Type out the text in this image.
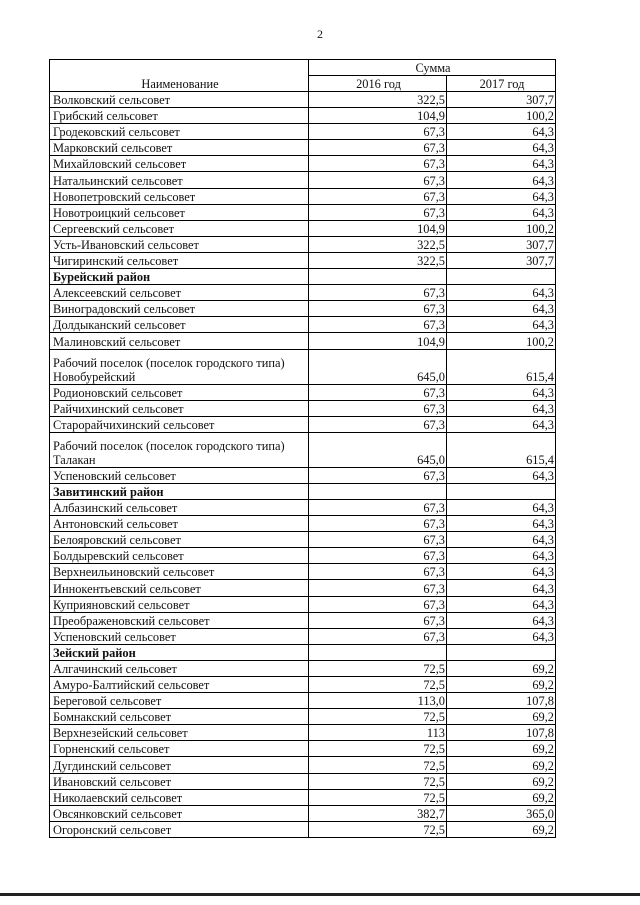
2
Наименование	Сумма	
	2016 год	2017 год
Волковский сельсовет	322,5	307,7
Грибский сельсовет	104,9	100,2
Гродековский сельсовет	67,3	64,3
Марковский сельсовет	67,3	64,3
Михайловский сельсовет	67,3	64,3
Натальинский сельсовет	67,3	64,3
Новопетровский сельсовет	67,3	64,3
Новотроицкий сельсовет	67,3	64,3
Сергеевский сельсовет	104,9	100,2
Усть-Ивановский сельсовет	322,5	307,7
Чигиринский сельсовет	322,5	307,7
Бурейский район		
Алексеевский сельсовет	67,3	64,3
Виноградовский сельсовет	67,3	64,3
Долдыканский сельсовет	67,3	64,3
Малиновский сельсовет	104,9	100,2

Рабочий поселок (поселок городского типа)
Новобурейский	645,0	615,4
Родионовский сельсовет	67,3	64,3
Райчихинский сельсовет	67,3	64,3
Старорайчихинский сельсовет	67,3	64,3

Рабочий поселок (поселок городского типа)
Талакан	645,0	615,4
Успеновский сельсовет	67,3	64,3
Завитинский район		
Албазинский сельсовет	67,3	64,3
Антоновский сельсовет	67,3	64,3
Белояровский сельсовет	67,3	64,3
Болдыревский сельсовет	67,3	64,3
Верхнеильиновский сельсовет	67,3	64,3
Иннокентьевский сельсовет	67,3	64,3
Куприяновский сельсовет	67,3	64,3
Преображеновский сельсовет	67,3	64,3
Успеновский сельсовет	67,3	64,3
Зейский район		
Алгачинский сельсовет	72,5	69,2
Амуро-Балтийский сельсовет	72,5	69,2
Береговой сельсовет	113,0	107,8
Бомнакский сельсовет	72,5	69,2
Верхнезейский сельсовет	113	107,8
Горненский сельсовет	72,5	69,2
Дугдинский сельсовет	72,5	69,2
Ивановский сельсовет	72,5	69,2
Николаевский сельсовет	72,5	69,2
Овсянковский сельсовет	382,7	365,0
Огоронский сельсовет	72,5	69,2
